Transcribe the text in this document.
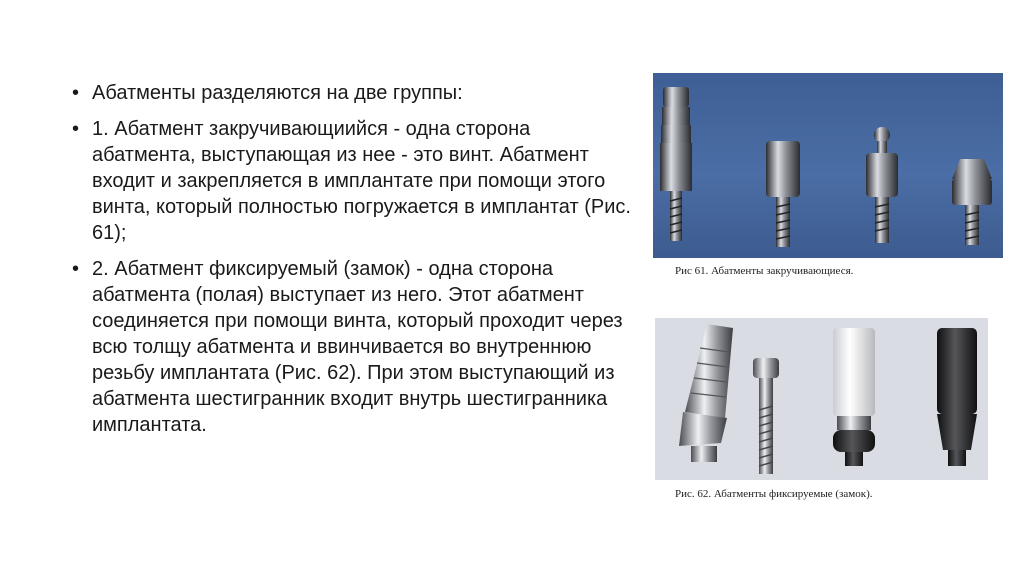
• Абатменты разделяются на две группы:
• 1. Абатмент закручивающиийся - одна сторона абатмента, выступающая из нее - это винт. Абатмент входит и закрепляется в имплантате при помощи этого винта, который полностью погружается в имплантат (Рис. 61);
• 2. Абатмент фиксируемый (замок) - одна сторона абатмента (полая) выступает из него. Этот абатмент соединяется при помощи винта, который проходит через всю толщу абатмента и ввинчивается во внутреннюю резьбу имплантата (Рис. 62). При этом выступающий из абатмента шестигранник входит внутрь шестигранника имплантата.
Рис 61. Абатменты закручивающиеся.
Рис. 62. Абатменты фиксируемые (замок).
